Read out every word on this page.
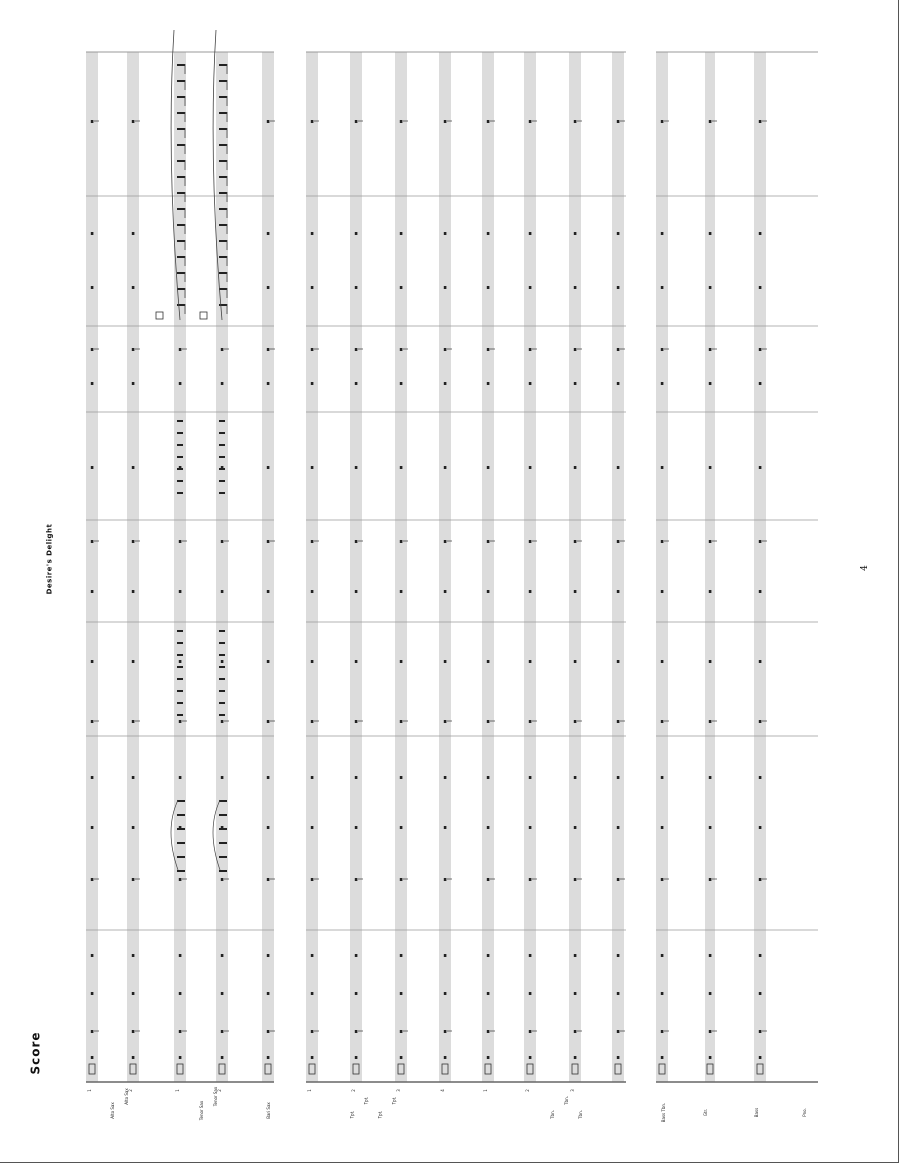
Score
Desire's Delight	4
Alto Sax
1	Alto Sax 2
Tenor Sax
1	Tenor Sax
2
Bari Sax	Tpt.
1
Tpt.
2
Tpt.
3
Tpt.
4
Tbn.
1
Tbn.
2
Tbn.
3
Bass Tbn.	Gtr.	Bass	Pno.
